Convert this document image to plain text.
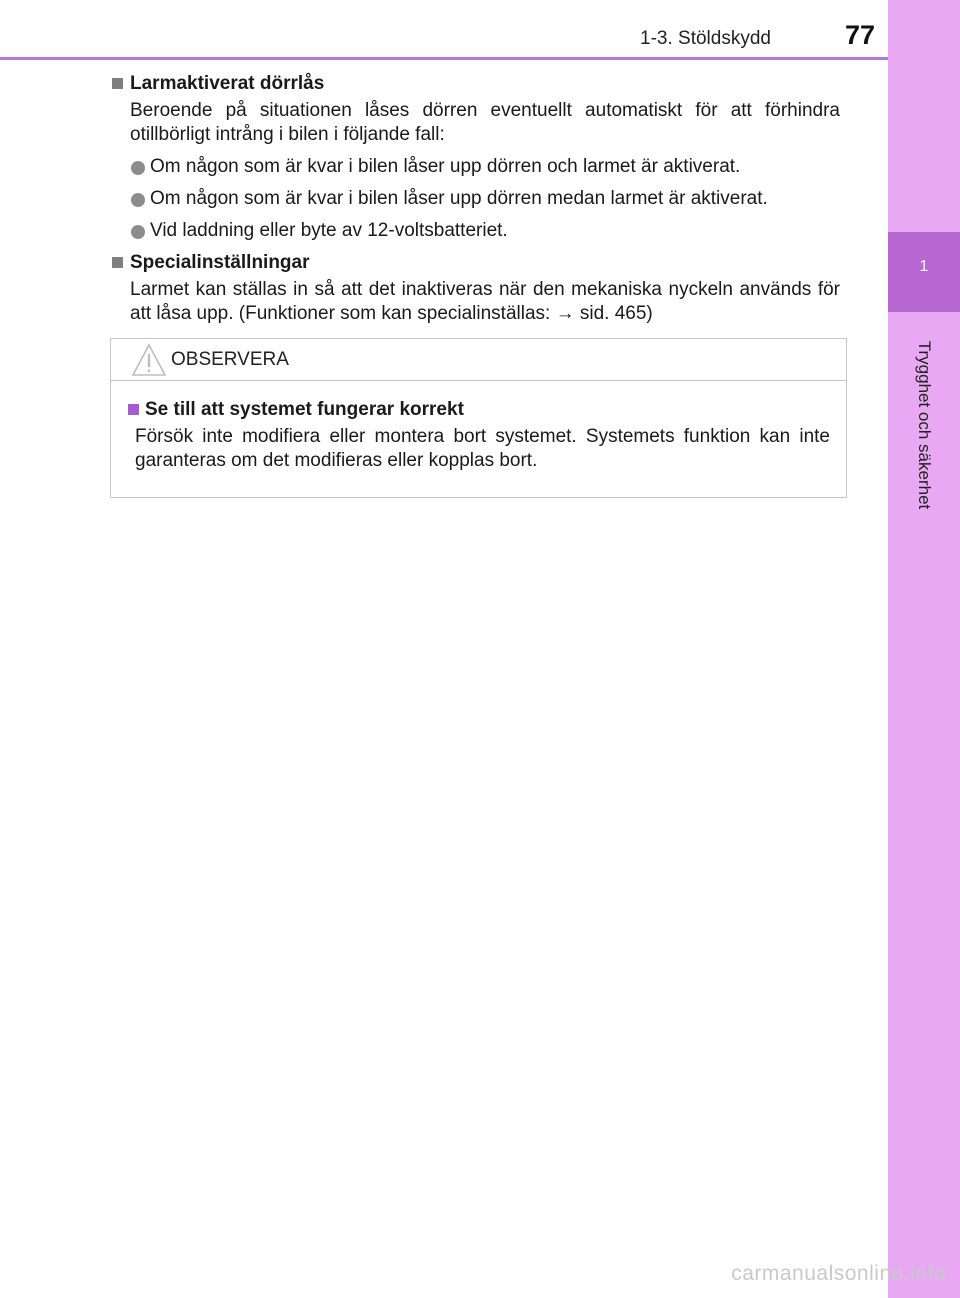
1-3. Stöldskydd	77
1
Trygghet och säkerhet
Larmaktiverat dörrlås

Beroende på situationen låses dörren eventuellt automatiskt för att förhindra otillbörligt intrång i bilen i följande fall:

Om någon som är kvar i bilen låser upp dörren och larmet är aktiverat.
Om någon som är kvar i bilen låser upp dörren medan larmet är aktiverat.
Vid laddning eller byte av 12-voltsbatteriet.
Specialinställningar

Larmet kan ställas in så att det inaktiveras när den mekaniska nyckeln används för att låsa upp. (Funktioner som kan specialinställas: → sid. 465)

OBSERVERA
Se till att systemet fungerar korrekt

Försök inte modifiera eller montera bort systemet. Systemets funktion kan inte garanteras om det modifieras eller kopplas bort.

carmanualsonline.info
